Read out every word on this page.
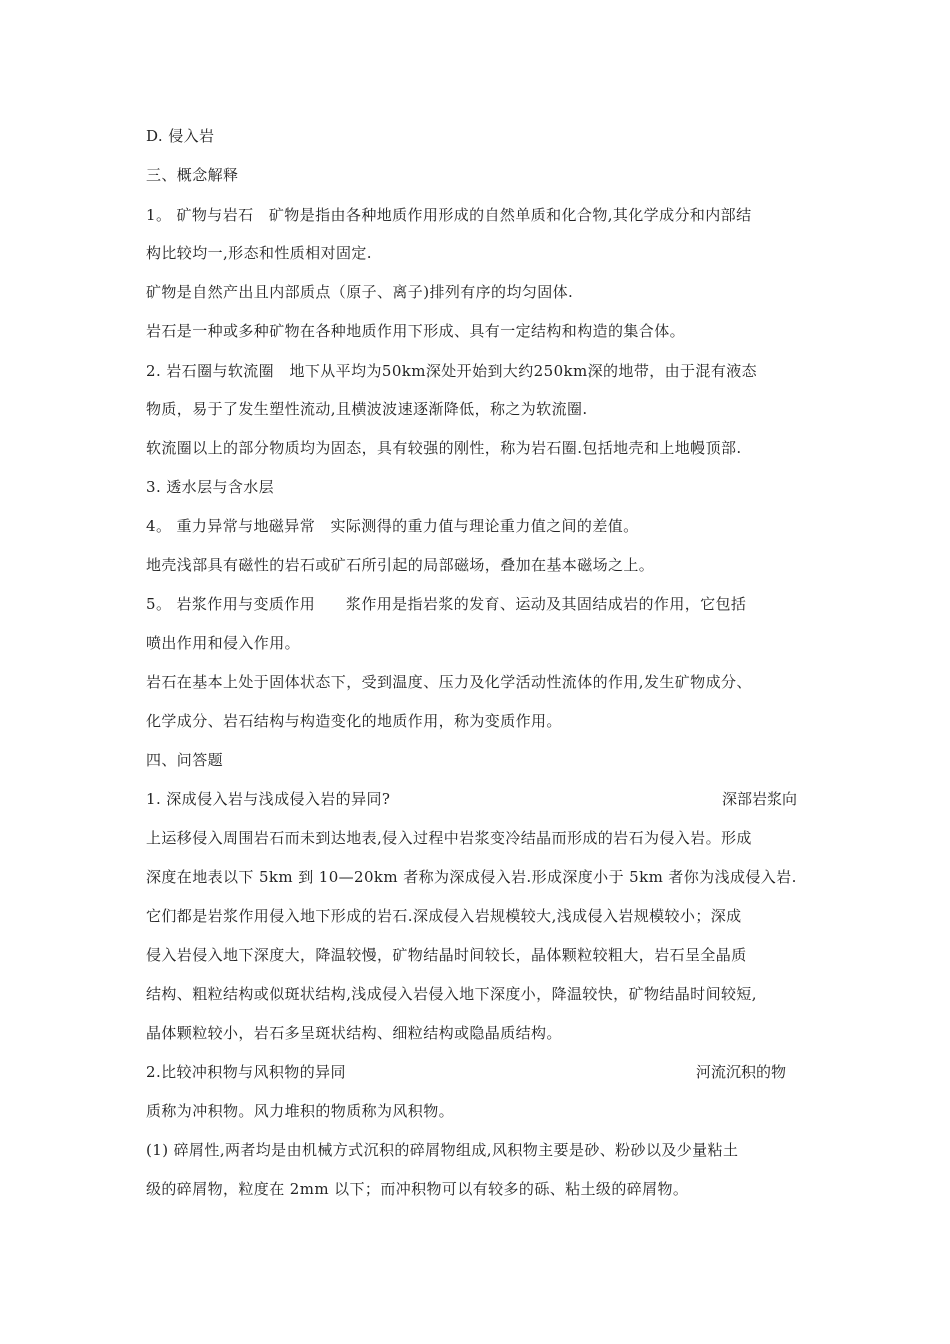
D. 侵入岩
三、概念解释
1。 矿物与岩石　矿物是指由各种地质作用形成的自然单质和化合物,其化学成分和内部结
构比较均一,形态和性质相对固定.
矿物是自然产出且内部质点（原子、离子)排列有序的均匀固体.
岩石是一种或多种矿物在各种地质作用下形成、具有一定结构和构造的集合体。
2. 岩石圈与软流圈　地下从平均为50km深处开始到大约250km深的地带，由于混有液态
物质，易于了发生塑性流动,且横波波速逐渐降低，称之为软流圈.
软流圈以上的部分物质均为固态，具有较强的刚性，称为岩石圈.包括地壳和上地幔顶部.
3. 透水层与含水层
4。 重力异常与地磁异常　实际测得的重力值与理论重力值之间的差值。
地壳浅部具有磁性的岩石或矿石所引起的局部磁场，叠加在基本磁场之上。
5。 岩浆作用与变质作用　　浆作用是指岩浆的发育、运动及其固结成岩的作用，它包括
喷出作用和侵入作用。
岩石在基本上处于固体状态下，受到温度、压力及化学活动性流体的作用,发生矿物成分、
化学成分、岩石结构与构造变化的地质作用，称为变质作用。
四、问答题
1. 深成侵入岩与浅成侵入岩的异同?	深部岩浆向
上运移侵入周围岩石而未到达地表,侵入过程中岩浆变冷结晶而形成的岩石为侵入岩。形成
深度在地表以下 5km 到 10—20km 者称为深成侵入岩.形成深度小于 5km 者你为浅成侵入岩.
它们都是岩浆作用侵入地下形成的岩石.深成侵入岩规模较大,浅成侵入岩规模较小；深成
侵入岩侵入地下深度大，降温较慢，矿物结晶时间较长，晶体颗粒较粗大，岩石呈全晶质
结构、粗粒结构或似斑状结构,浅成侵入岩侵入地下深度小，降温较快，矿物结晶时间较短,
晶体颗粒较小，岩石多呈斑状结构、细粒结构或隐晶质结构。
2.比较冲积物与风积物的异同	河流沉积的物
质称为冲积物。风力堆积的物质称为风积物。
(1) 碎屑性,两者均是由机械方式沉积的碎屑物组成,风积物主要是砂、粉砂以及少量粘土
级的碎屑物，粒度在 2mm 以下；而冲积物可以有较多的砾、粘土级的碎屑物。
